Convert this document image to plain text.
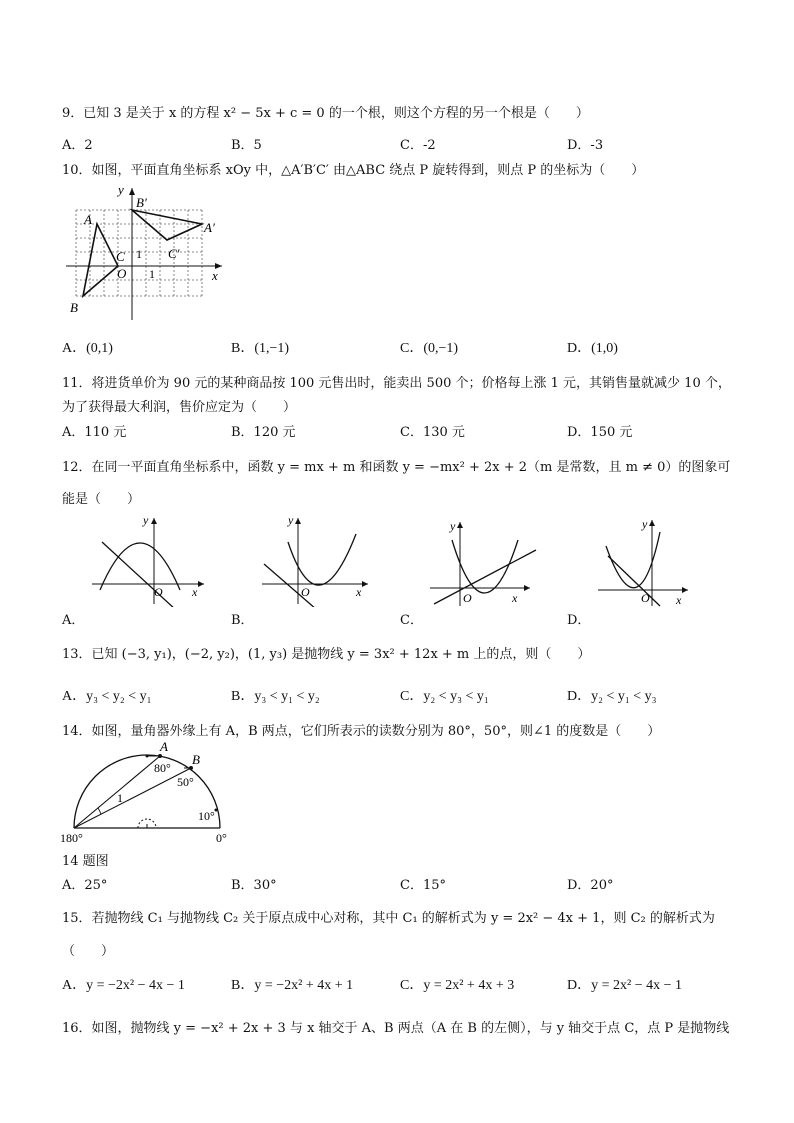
9．已知 3 是关于 x 的方程 x² − 5x + c = 0 的一个根，则这个方程的另一个根是（　　）
A．2	B．5	C．-2	D．-3
10．如图，平面直角坐标系 xOy 中，△A′B′C′ 由△ABC 绕点 P 旋转得到，则点 P 的坐标为（　　）
A
B
C
O
B′
A′
C′
1
1
x
y
A．(0,1)	B．(1,−1)	C．(0,−1)	D．(1,0)
11．将进货单价为 90 元的某种商品按 100 元售出时，能卖出 500 个；价格每上涨 1 元，其销售量就减少 10 个，
为了获得最大利润，售价应定为（　　）
A．110 元	B．120 元	C．130 元	D．150 元
12．在同一平面直角坐标系中，函数 y = mx + m 和函数 y = −mx² + 2x + 2（m 是常数，且 m ≠ 0）的图象可
能是（　　）
x
y
O
A．
x
y
O
B．
x
y
O
C．
x
y
O
D．
13．已知 (−3, y₁)，(−2, y₂)，(1, y₃) 是抛物线 y = 3x² + 12x + m 上的点，则（　　）
A．y₃ < y₂ < y₁	B．y₃ < y₁ < y₂	C．y₂ < y₃ < y₁	D．y₂ < y₁ < y₃
14．如图，量角器外缘上有 A，B 两点，它们所表示的读数分别为 80°，50°，则∠1 的度数是（　　）
A
B
80°
50°
10°
1
180°	0°
14 题图
A．25°	B．30°	C．15°	D．20°
15．若抛物线 C₁ 与抛物线 C₂ 关于原点成中心对称，其中 C₁ 的解析式为 y = 2x² − 4x + 1，则 C₂ 的解析式为
（　　）
A．y = −2x² − 4x − 1	B．y = −2x² + 4x + 1	C．y = 2x² + 4x + 3	D．y = 2x² − 4x − 1
16．如图，抛物线 y = −x² + 2x + 3 与 x 轴交于 A、B 两点（A 在 B 的左侧），与 y 轴交于点 C，点 P 是抛物线
